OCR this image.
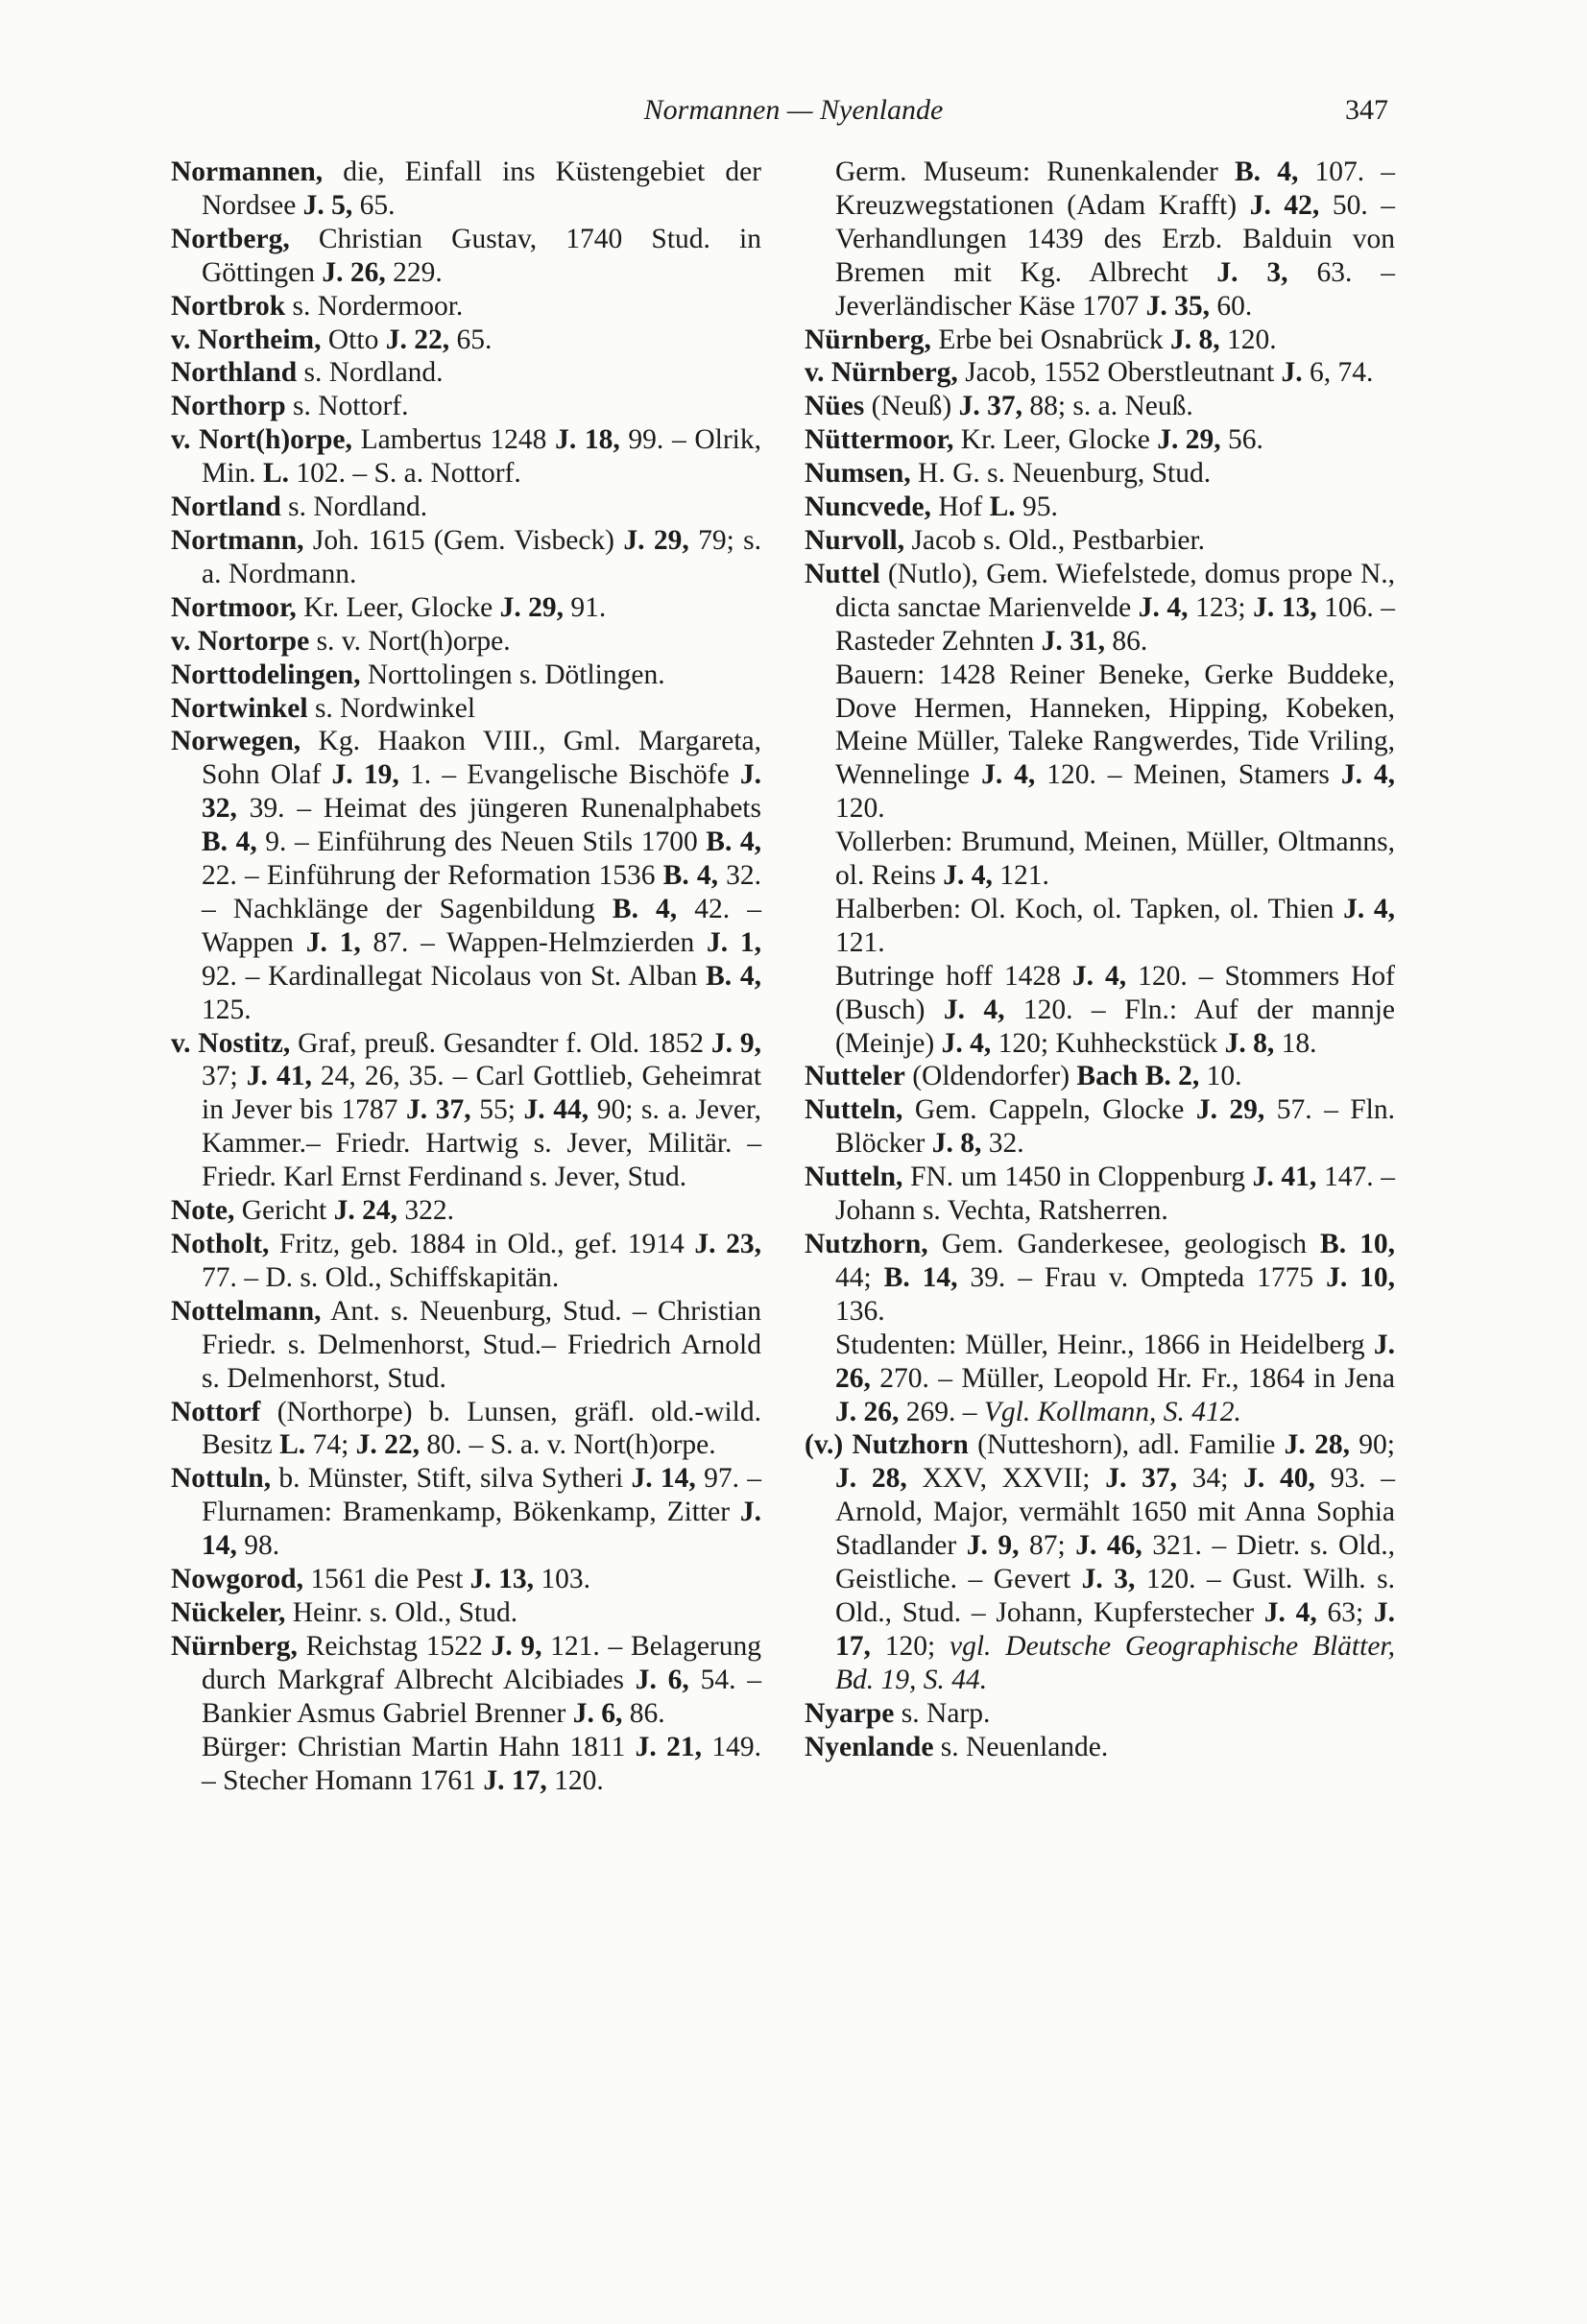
Normannen — Nyenlande	347

Normannen, die, Einfall ins Küstengebiet der Nordsee J. 5, 65.

Nortberg, Christian Gustav, 1740 Stud. in Göttingen J. 26, 229.

Nortbrok s. Nordermoor.

v. Northeim, Otto J. 22, 65.

Northland s. Nordland.

Northorp s. Nottorf.

v. Nort(h)orpe, Lambertus 1248 J. 18, 99. – Olrik, Min. L. 102. – S. a. Nottorf.

Nortland s. Nordland.

Nortmann, Joh. 1615 (Gem. Visbeck) J. 29, 79; s. a. Nordmann.

Nortmoor, Kr. Leer, Glocke J. 29, 91.

v. Nortorpe s. v. Nort(h)orpe.

Norttodelingen, Norttolingen s. Dötlingen.

Nortwinkel s. Nordwinkel

Norwegen, Kg. Haakon VIII., Gml. Margareta, Sohn Olaf J. 19, 1. – Evangelische Bischöfe J. 32, 39. – Heimat des jüngeren Runenalphabets B. 4, 9. – Einführung des Neuen Stils 1700 B. 4, 22. – Einführung der Reformation 1536 B. 4, 32. – Nachklänge der Sagenbildung B. 4, 42. – Wappen J. 1, 87. – Wappen-Helmzierden J. 1, 92. – Kardinallegat Nicolaus von St. Alban B. 4, 125.

v. Nostitz, Graf, preuß. Gesandter f. Old. 1852 J. 9, 37; J. 41, 24, 26, 35. – Carl Gottlieb, Geheimrat in Jever bis 1787 J. 37, 55; J. 44, 90; s. a. Jever, Kammer.– Friedr. Hartwig s. Jever, Militär. – Friedr. Karl Ernst Ferdinand s. Jever, Stud.

Note, Gericht J. 24, 322.

Notholt, Fritz, geb. 1884 in Old., gef. 1914 J. 23, 77. – D. s. Old., Schiffskapitän.

Nottelmann, Ant. s. Neuenburg, Stud. – Christian Friedr. s. Delmenhorst, Stud.– Friedrich Arnold s. Delmenhorst, Stud.

Nottorf (Northorpe) b. Lunsen, gräfl. old.-wild. Besitz L. 74; J. 22, 80. – S. a. v. Nort(h)orpe.

Nottuln, b. Münster, Stift, silva Sytheri J. 14, 97. – Flurnamen: Bramenkamp, Bökenkamp, Zitter J. 14, 98.

Nowgorod, 1561 die Pest J. 13, 103.

Nückeler, Heinr. s. Old., Stud.

Nürnberg, Reichstag 1522 J. 9, 121. – Belagerung durch Markgraf Albrecht Alcibiades J. 6, 54. – Bankier Asmus Gabriel Brenner J. 6, 86.

Bürger: Christian Martin Hahn 1811 J. 21, 149. – Stecher Homann 1761 J. 17, 120.

Germ. Museum: Runenkalender B. 4, 107. – Kreuzwegstationen (Adam Krafft) J. 42, 50. – Verhandlungen 1439 des Erzb. Balduin von Bremen mit Kg. Albrecht J. 3, 63. – Jeverländischer Käse 1707 J. 35, 60.

Nürnberg, Erbe bei Osnabrück J. 8, 120.

v. Nürnberg, Jacob, 1552 Oberstleutnant J. 6, 74.

Nües (Neuß) J. 37, 88; s. a. Neuß.

Nüttermoor, Kr. Leer, Glocke J. 29, 56.

Numsen, H. G. s. Neuenburg, Stud.

Nuncvede, Hof L. 95.

Nurvoll, Jacob s. Old., Pestbarbier.

Nuttel (Nutlo), Gem. Wiefelstede, domus prope N., dicta sanctae Marienvelde J. 4, 123; J. 13, 106. – Rasteder Zehnten J. 31, 86.

Bauern: 1428 Reiner Beneke, Gerke Buddeke, Dove Hermen, Hanneken, Hipping, Kobeken, Meine Müller, Taleke Rangwerdes, Tide Vriling, Wennelinge J. 4, 120. – Meinen, Stamers J. 4, 120.

Vollerben: Brumund, Meinen, Müller, Oltmanns, ol. Reins J. 4, 121.

Halberben: Ol. Koch, ol. Tapken, ol. Thien J. 4, 121.

Butringe hoff 1428 J. 4, 120. – Stommers Hof (Busch) J. 4, 120. – Fln.: Auf der mannje (Meinje) J. 4, 120; Kuhheckstück J. 8, 18.

Nutteler (Oldendorfer) Bach B. 2, 10.

Nutteln, Gem. Cappeln, Glocke J. 29, 57. – Fln. Blöcker J. 8, 32.

Nutteln, FN. um 1450 in Cloppenburg J. 41, 147. – Johann s. Vechta, Ratsherren.

Nutzhorn, Gem. Ganderkesee, geologisch B. 10, 44; B. 14, 39. – Frau v. Ompteda 1775 J. 10, 136.

Studenten: Müller, Heinr., 1866 in Heidelberg J. 26, 270. – Müller, Leopold Hr. Fr., 1864 in Jena J. 26, 269. – Vgl. Kollmann, S. 412.

(v.) Nutzhorn (Nutteshorn), adl. Familie J. 28, 90; J. 28, XXV, XXVII; J. 37, 34; J. 40, 93. – Arnold, Major, vermählt 1650 mit Anna Sophia Stadlander J. 9, 87; J. 46, 321. – Dietr. s. Old., Geistliche. – Gevert J. 3, 120. – Gust. Wilh. s. Old., Stud. – Johann, Kupferstecher J. 4, 63; J. 17, 120; vgl. Deutsche Geographische Blätter, Bd. 19, S. 44.

Nyarpe s. Narp.

Nyenlande s. Neuenlande.
